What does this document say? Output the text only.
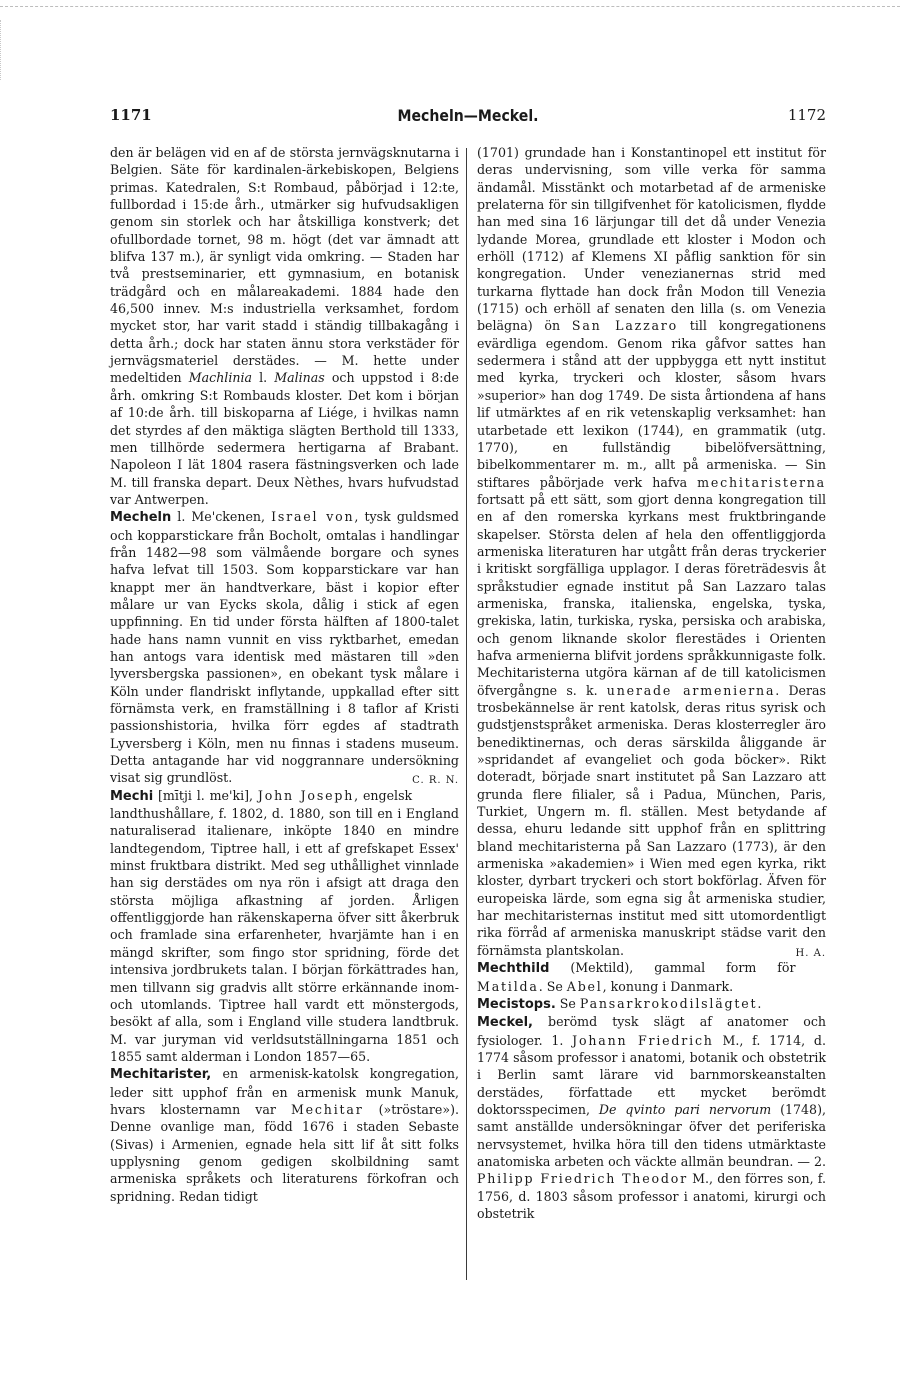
1171	Mecheln—Meckel.	1172

den är belägen vid en af de största jernvägsknutarna i Belgien. Säte för kardinalen-ärkebiskopen, Belgiens primas. Katedralen, S:t Rombaud, påbörjad i 12:te, fullbordad i 15:de årh., utmärker sig hufvudsakligen genom sin storlek och har åtskilliga konstverk; det ofullbordade tornet, 98 m. högt (det var ämnadt att blifva 137 m.), är synligt vida omkring. — Staden har två prestseminarier, ett gymnasium, en botanisk trädgård och en målareakademi. 1884 hade den 46,500 innev. M:s industriella verksamhet, fordom mycket stor, har varit stadd i ständig tillbakagång i detta årh.; dock har staten ännu stora verkstäder för jernvägsmateriel derstädes. — M. hette under medeltiden Machlinia l. Malinas och uppstod i 8:de årh. omkring S:t Rombauds kloster. Det kom i början af 10:de årh. till biskoparna af Liége, i hvilkas namn det styrdes af den mäktiga slägten Berthold till 1333, men tillhörde sedermera hertigarna af Brabant. Napoleon I lät 1804 rasera fästningsverken och lade M. till franska depart. Deux Nèthes, hvars hufvudstad var Antwerpen.

Mecheln l. Me'ckenen, Israel von, tysk guldsmed och kopparstickare från Bocholt, omtalas i handlingar från 1482—98 som välmående borgare och synes hafva lefvat till 1503. Som kopparstickare var han knappt mer än handtverkare, bäst i kopior efter målare ur van Eycks skola, dålig i stick af egen uppfinning. En tid under första hälften af 1800-talet hade hans namn vunnit en viss ryktbarhet, emedan han antogs vara identisk med mästaren till »den lyversbergska passionen», en obekant tysk målare i Köln under flandriskt inflytande, uppkallad efter sitt förnämsta verk, en framställning i 8 taflor af Kristi passionshistoria, hvilka förr egdes af stadtrath Lyversberg i Köln, men nu finnas i stadens museum. Detta antagande har vid noggrannare undersökning visat sig grundlöst.	C. R. N.

Mechi [mītji l. me'ki], John Joseph, engelsk landthushållare, f. 1802, d. 1880, son till en i England naturaliserad italienare, inköpte 1840 en mindre landtegendom, Tiptree hall, i ett af grefskapet Essex' minst fruktbara distrikt. Med seg uthållighet vinnlade han sig derstädes om nya rön i afsigt att draga den största möjliga afkastning af jorden. Årligen offentliggjorde han räkenskaperna öfver sitt åkerbruk och framlade sina erfarenheter, hvarjämte han i en mängd skrifter, som fingo stor spridning, förde det intensiva jordbrukets talan. I början förkättrades han, men tillvann sig gradvis allt större erkännande inom- och utomlands. Tiptree hall vardt ett mönstergods, besökt af alla, som i England ville studera landtbruk. M. var juryman vid verldsutställningarna 1851 och 1855 samt alderman i London 1857—65.

Mechitarister, en armenisk-katolsk kongregation, leder sitt upphof från en armenisk munk Manuk, hvars klosternamn var Mechitar (»tröstare»). Denne ovanlige man, född 1676 i staden Sebaste (Sivas) i Armenien, egnade hela sitt lif åt sitt folks upplysning genom gedigen skolbildning samt armeniska språkets och literaturens förkofran och spridning. Redan tidigt

(1701) grundade han i Konstantinopel ett institut för deras undervisning, som ville verka för samma ändamål. Misstänkt och motarbetad af de armeniske prelaterna för sin tillgifvenhet för katolicismen, flydde han med sina 16 lärjungar till det då under Venezia lydande Morea, grundlade ett kloster i Modon och erhöll (1712) af Klemens XI påflig sanktion för sin kongregation. Under venezianernas strid med turkarna flyttade han dock från Modon till Venezia (1715) och erhöll af senaten den lilla (s. om Venezia belägna) ön San Lazzaro till kongregationens evärdliga egendom. Genom rika gåfvor sattes han sedermera i stånd att der uppbygga ett nytt institut med kyrka, tryckeri och kloster, såsom hvars »superior» han dog 1749. De sista årtiondena af hans lif utmärktes af en rik vetenskaplig verksamhet: han utarbetade ett lexikon (1744), en grammatik (utg. 1770), en fullständig bibelöfversättning, bibelkommentarer m. m., allt på armeniska. — Sin stiftares påbörjade verk hafva mechitaristerna fortsatt på ett sätt, som gjort denna kongregation till en af den romerska kyrkans mest fruktbringande skapelser. Största delen af hela den offentliggjorda armeniska literaturen har utgått från deras tryckerier i kritiskt sorgfälliga upplagor. I deras företrädesvis åt språkstudier egnade institut på San Lazzaro talas armeniska, franska, italienska, engelska, tyska, grekiska, latin, turkiska, ryska, persiska och arabiska, och genom liknande skolor flerestädes i Orienten hafva armenierna blifvit jordens språkkunnigaste folk. Mechitaristerna utgöra kärnan af de till katolicismen öfvergångne s. k. unerade armenierna. Deras trosbekännelse är rent katolsk, deras ritus syrisk och gudstjenstspråket armeniska. Deras klosterregler äro benediktinernas, och deras särskilda åliggande är »spridandet af evangeliet och goda böcker». Rikt doteradt, började snart institutet på San Lazzaro att grunda flere filialer, så i Padua, München, Paris, Turkiet, Ungern m. fl. ställen. Mest betydande af dessa, ehuru ledande sitt upphof från en splittring bland mechitaristerna på San Lazzaro (1773), är den armeniska »akademien» i Wien med egen kyrka, rikt kloster, dyrbart tryckeri och stort bokförlag. Äfven för europeiska lärde, som egna sig åt armeniska studier, har mechitaristernas institut med sitt utomordentligt rika förråd af armeniska manuskript städse varit den förnämsta plantskolan.	H. A.

Mechthild (Mektild), gammal form för Matilda. Se Abel, konung i Danmark.

Mecistops. Se Pansarkrokodilslägtet.

Meckel, berömd tysk slägt af anatomer och fysiologer. 1. Johann Friedrich M., f. 1714, d. 1774 såsom professor i anatomi, botanik och obstetrik i Berlin samt lärare vid barnmorskeanstalten derstädes, författade ett mycket berömdt doktorsspecimen, De qvinto pari nervorum (1748), samt anställde undersökningar öfver det periferiska nervsystemet, hvilka höra till den tidens utmärktaste anatomiska arbeten och väckte allmän beundran. — 2. Philipp Friedrich Theodor M., den förres son, f. 1756, d. 1803 såsom professor i anatomi, kirurgi och obstetrik
